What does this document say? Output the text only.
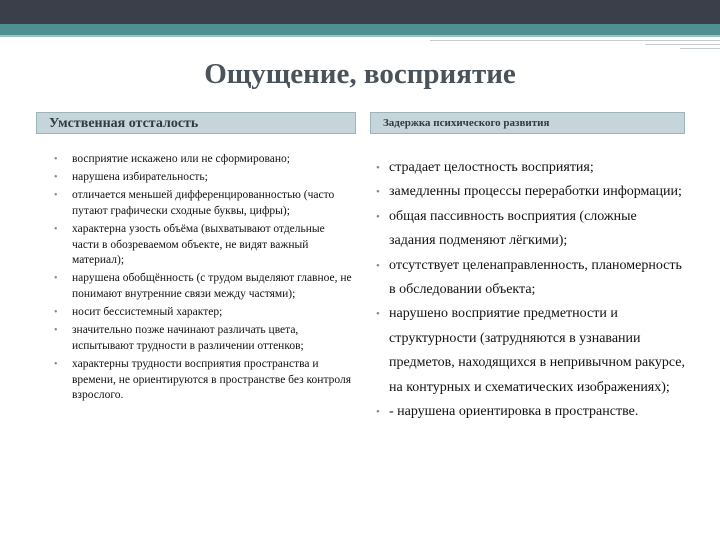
Ощущение, восприятие
Умственная отсталость	Задержка психического развития
• восприятие искажено или не сформировано;
• нарушена избирательность;
• отличается меньшей дифференцированностью (часто путают графически сходные буквы, цифры);
• характерна узость объёма (выхватывают отдельные части в обозреваемом объекте, не видят важный материал);
• нарушена обобщённость (с трудом выделяют главное, не понимают внутренние связи между частями);
• носит бессистемный характер;
• значительно позже начинают различать цвета, испытывают трудности в различении оттенков;
• характерны трудности восприятия пространства и времени, не ориентируются в пространстве без контроля взрослого.
• страдает целостность восприятия;
• замедленны процессы переработки информации;
• общая пассивность восприятия (сложные задания подменяют лёгкими);
• отсутствует целенаправленность, планомерность в обследовании объекта;
• нарушено восприятие предметности и структурности (затрудняются в узнавании предметов, находящихся в непривычном ракурсе, на контурных и схематических изображениях);
• - нарушена ориентировка в пространстве.
